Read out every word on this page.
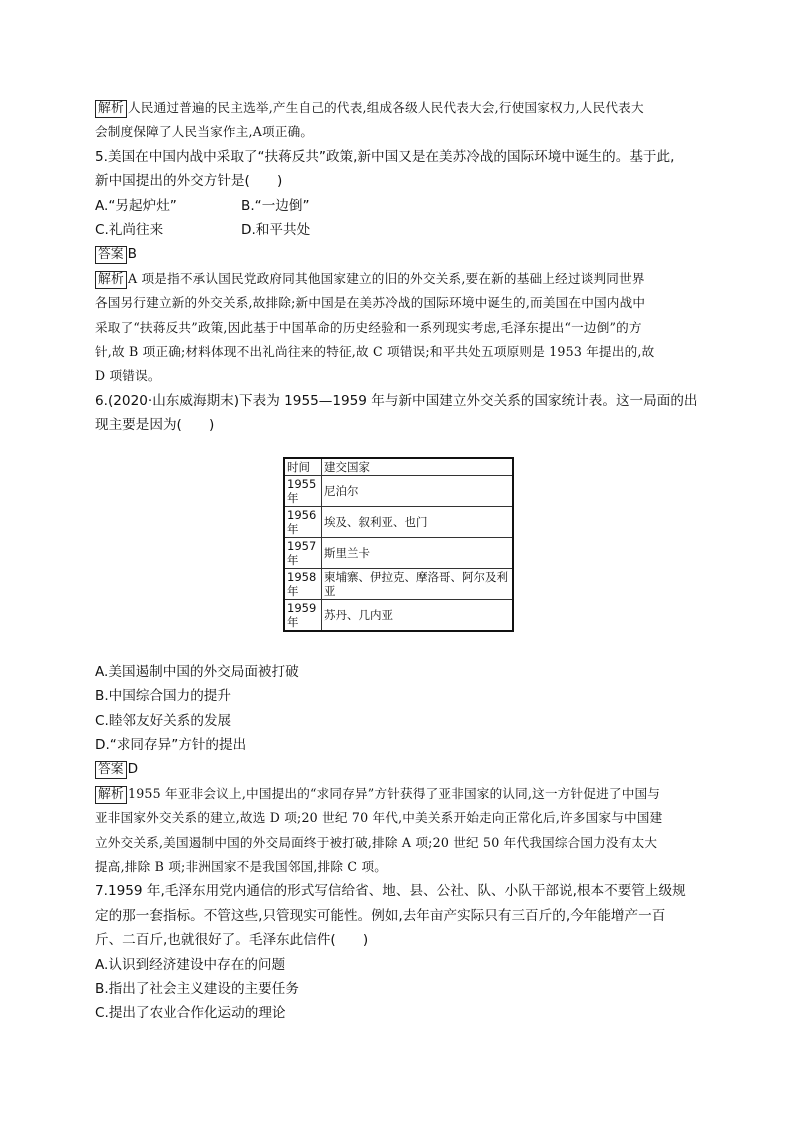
解析 人民通过普遍的民主选举,产生自己的代表,组成各级人民代表大会,行使国家权力,人民代表大
会制度保障了人民当家作主,A项正确。
5.美国在中国内战中采取了“扶蒋反共”政策,新中国又是在美苏冷战的国际环境中诞生的。基于此,
新中国提出的外交方针是(　　)
A.“另起炉灶”	B.“一边倒”
C.礼尚往来	D.和平共处
答案 B
解析 A 项是指不承认国民党政府同其他国家建立的旧的外交关系,要在新的基础上经过谈判同世界
各国另行建立新的外交关系,故排除;新中国是在美苏冷战的国际环境中诞生的,而美国在中国内战中
采取了“扶蒋反共”政策,因此基于中国革命的历史经验和一系列现实考虑,毛泽东提出“一边倒”的方
针,故 B 项正确;材料体现不出礼尚往来的特征,故 C 项错误;和平共处五项原则是 1953 年提出的,故
D 项错误。
6.(2020·山东威海期末)下表为 1955—1959 年与新中国建立外交关系的国家统计表。这一局面的出
现主要是因为(　　)
A.美国遏制中国的外交局面被打破
B.中国综合国力的提升
C.睦邻友好关系的发展
D.“求同存异”方针的提出
答案 D
解析 1955 年亚非会议上,中国提出的“求同存异”方针获得了亚非国家的认同,这一方针促进了中国与
亚非国家外交关系的建立,故选 D 项;20 世纪 70 年代,中美关系开始走向正常化后,许多国家与中国建
立外交关系,美国遏制中国的外交局面终于被打破,排除 A 项;20 世纪 50 年代我国综合国力没有太大
提高,排除 B 项;非洲国家不是我国邻国,排除 C 项。
7.1959 年,毛泽东用党内通信的形式写信给省、地、县、公社、队、小队干部说,根本不要管上级规
定的那一套指标。不管这些,只管现实可能性。例如,去年亩产实际只有三百斤的,今年能增产一百
斤、二百斤,也就很好了。毛泽东此信件(　　)
A.认识到经济建设中存在的问题
B.指出了社会主义建设的主要任务
C.提出了农业合作化运动的理论
时间	建交国家

1955
年	尼泊尔

1956
年	埃及、叙利亚、也门

1957
年	斯里兰卡

1958
年	柬埔寨、伊拉克、摩洛哥、阿尔及利亚

1959
年	苏丹、几内亚
